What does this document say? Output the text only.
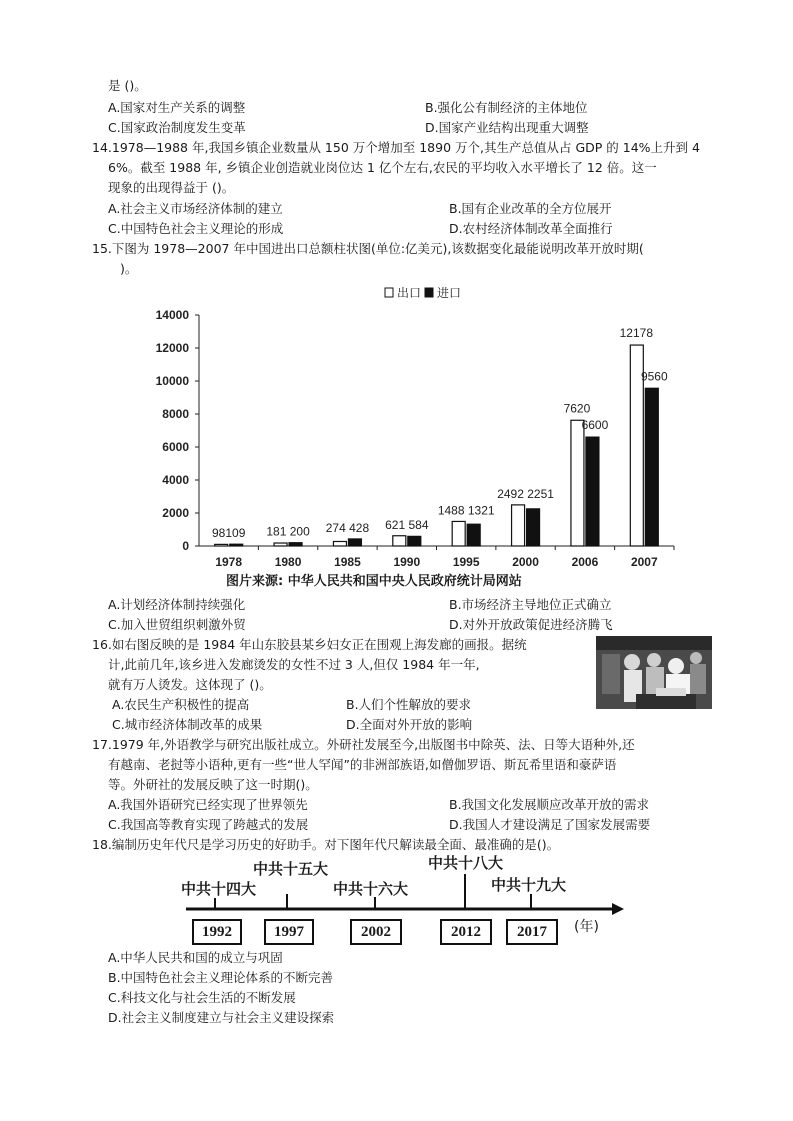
是 ()。
A.国家对生产关系的调整	B.强化公有制经济的主体地位
C.国家政治制度发生变革	D.国家产业结构出现重大调整
14.1978—1988 年,我国乡镇企业数量从 150 万个增加至 1890 万个,其生产总值从占 GDP 的 14%上升到 4
6%。截至 1988 年, 乡镇企业创造就业岗位达 1 亿个左右,农民的平均收入水平增长了 12 倍。这一
现象的出现得益于 ()。
A.社会主义市场经济体制的建立	B.国有企业改革的全方位展开
C.中国特色社会主义理论的形成	D.农村经济体制改革全面推行
15.下图为 1978—2007 年中国进出口总额柱状图(单位:亿美元),该数据变化最能说明改革开放时期(
)。
0
2000
4000
6000
8000
10000
12000
14000
1978	1980	1985	1990	1995	2000	2006	2007
98109 181 200 274 428 621 584
1488 1321
2492 2251
7620
6600
12178
9560
出口 进口
图片来源: 中华人民共和国中央人民政府统计局网站
A.计划经济体制持续强化	B.市场经济主导地位正式确立
C.加入世贸组织刺激外贸	D.对外开放政策促进经济腾飞
16.如右图反映的是 1984 年山东胶县某乡妇女正在围观上海发廊的画报。据统
计,此前几年,该乡进入发廊烫发的女性不过 3 人,但仅 1984 年一年,
就有万人烫发。这体现了 ()。
A.农民生产积极性的提高	B.人们个性解放的要求
C.城市经济体制改革的成果	D.全面对外开放的影响
17.1979 年,外语教学与研究出版社成立。外研社发展至今,出版图书中除英、法、日等大语种外,还
有越南、老挝等小语种,更有一些“世人罕闻”的非洲部族语,如僧伽罗语、斯瓦希里语和豪萨语
等。外研社的发展反映了这一时期()。
A.我国外语研究已经实现了世界领先	B.我国文化发展顺应改革开放的需求
C.我国高等教育实现了跨越式的发展	D.我国人才建设满足了国家发展需要
18.编制历史年代尺是学习历史的好助手。对下图年代尺解读最全面、最准确的是()。
中共十四大
中共十五大
中共十六大
中共十八大
中共十九大
1992	1997	2002	2012	2017	(年)
A.中华人民共和国的成立与巩固
B.中国特色社会主义理论体系的不断完善
C.科技文化与社会生活的不断发展
D.社会主义制度建立与社会主义建设探索
